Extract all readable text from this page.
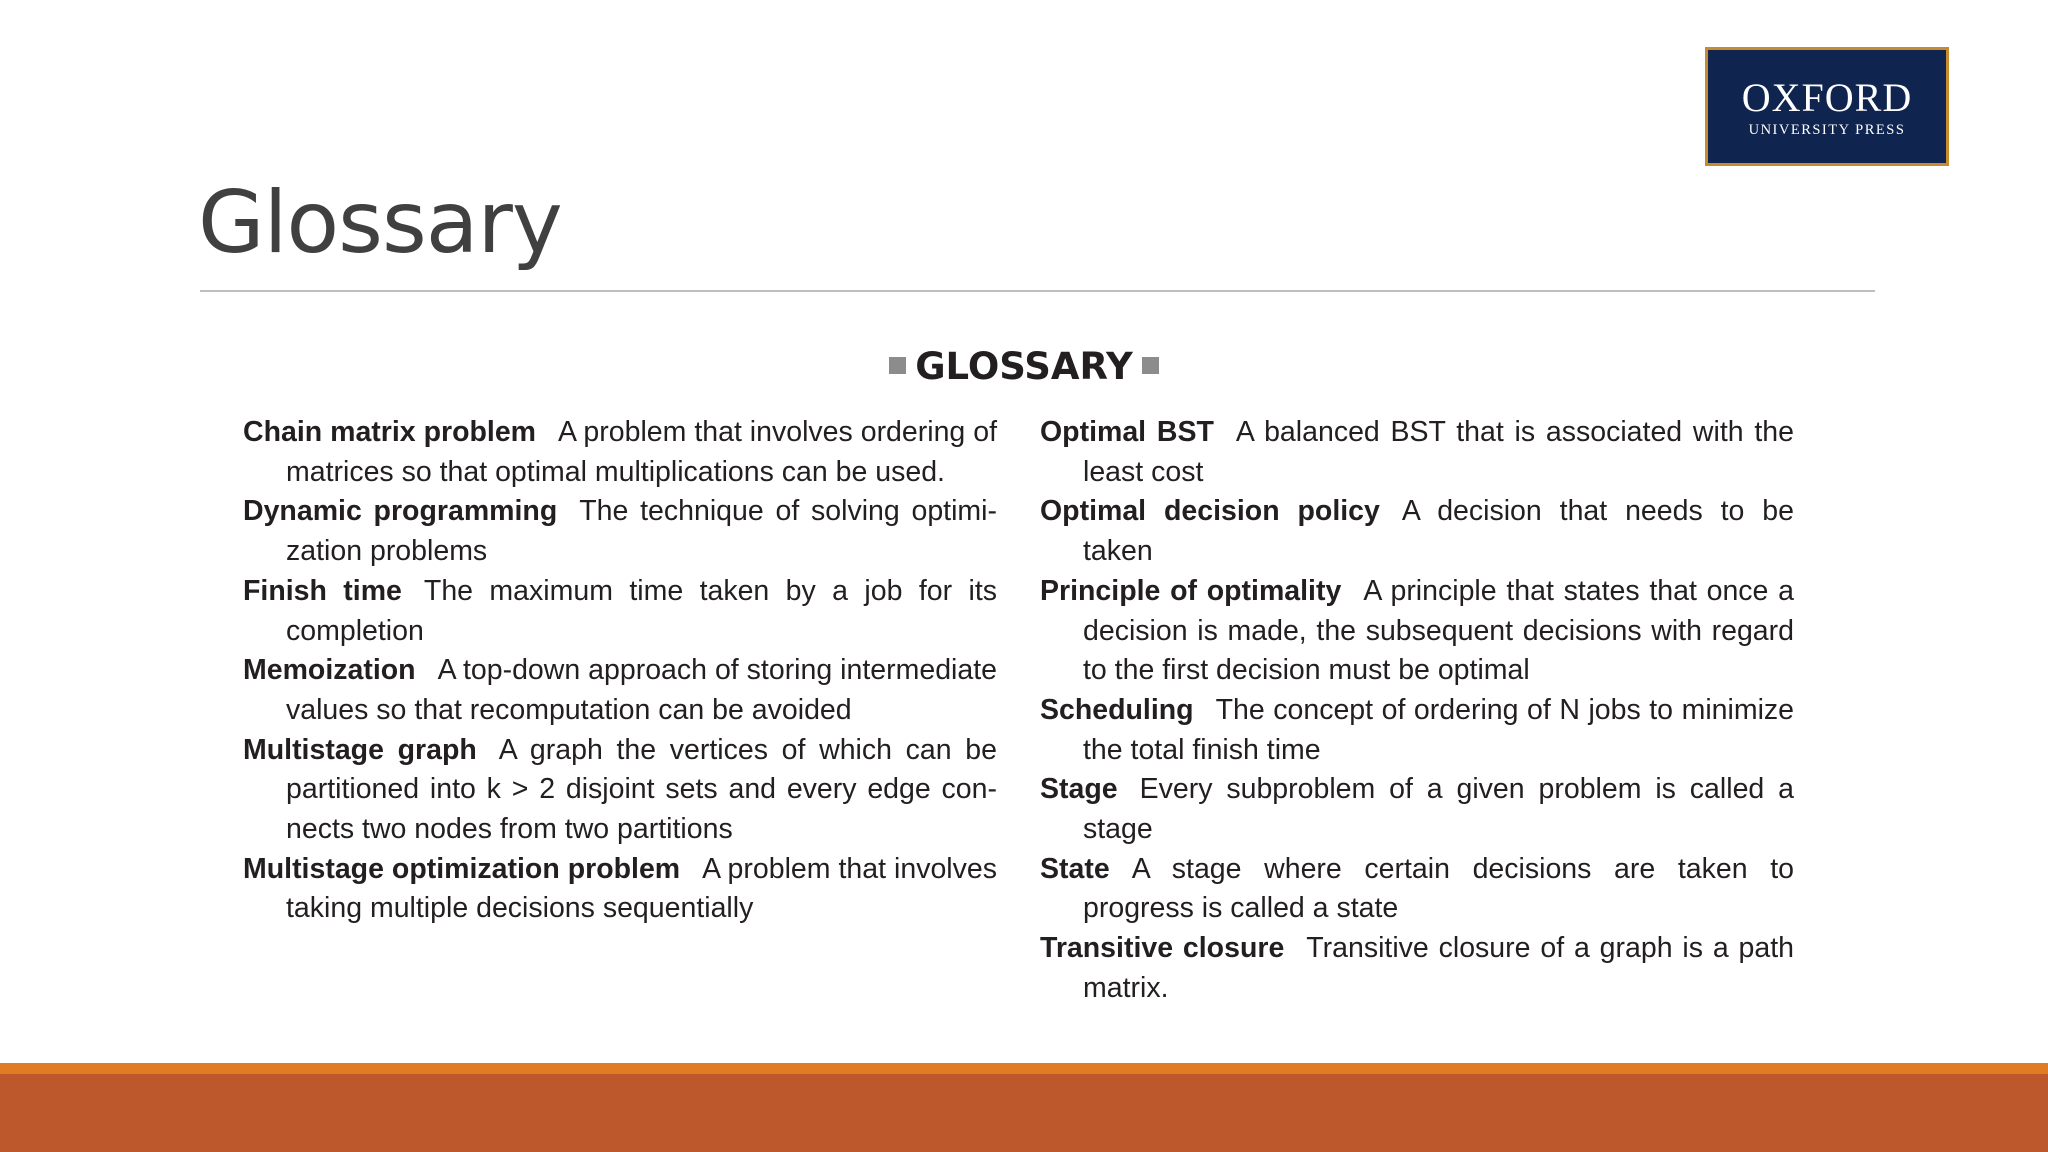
OXFORD
UNIVERSITY PRESS
Glossary
GLOSSARY

Chain matrix problem A problem that involves ordering of matrices so that optimal multiplications can be used.

Dynamic programming The technique of solving optimi-zation problems

Finish time The maximum time taken by a job for its completion

Memoization A top-down approach of storing intermediate values so that recomputation can be avoided

Multistage graph A graph the vertices of which can be partitioned into k > 2 disjoint sets and every edge con-nects two nodes from two partitions

Multistage optimization problem A problem that involves taking multiple decisions sequentially

Optimal BST A balanced BST that is associated with the least cost

Optimal decision policy A decision that needs to be taken

Principle of optimality A principle that states that once a decision is made, the subsequent decisions with regard to the first decision must be optimal

Scheduling The concept of ordering of N jobs to minimize the total finish time

Stage Every subproblem of a given problem is called a stage

State A stage where certain decisions are taken to progress is called a state

Transitive closure Transitive closure of a graph is a path matrix.
